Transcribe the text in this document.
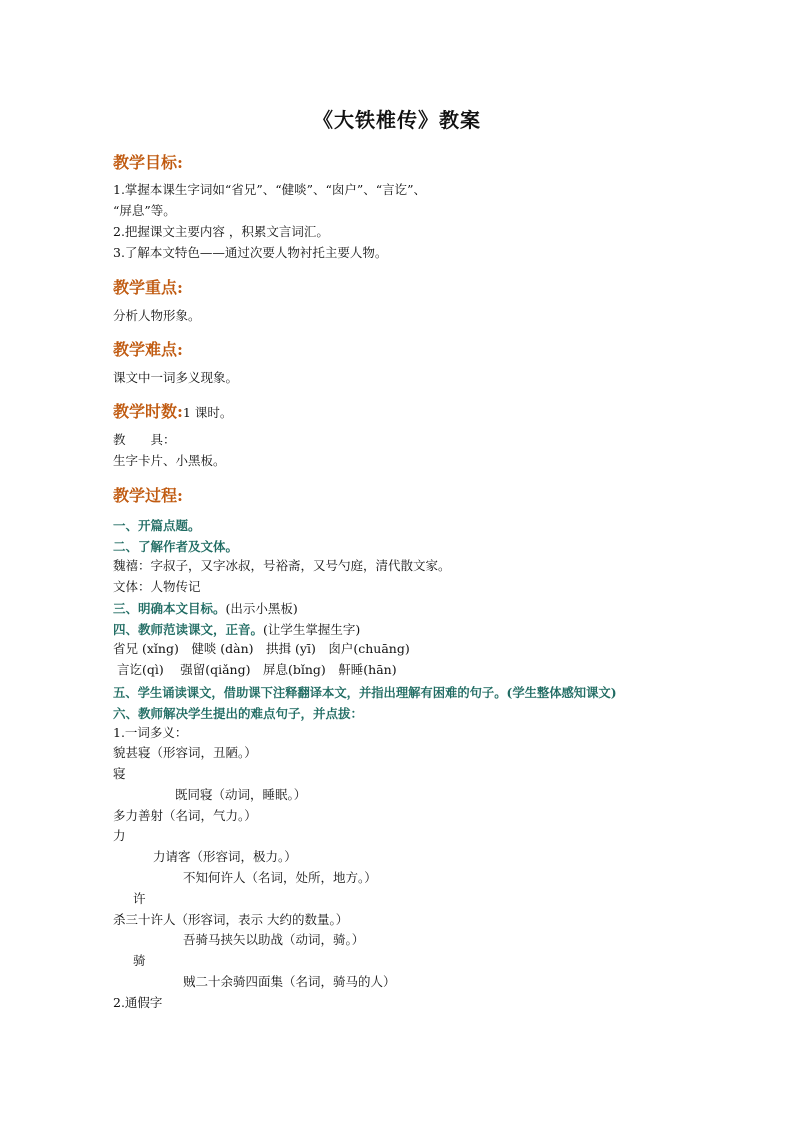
《大铁椎传》教案
教学目标:
1.掌握本课生字词如“省兄”、“健啖”、“囱户”、“言讫”、
“屏息”等。
2.把握课文主要内容 ，积累文言词汇。
3.了解本文特色——通过次要人物衬托主要人物。
教学重点:
分析人物形象。
教学难点:
课文中一词多义现象。
教学时数:1 课时。
教　　具：
生字卡片、小黑板。
教学过程:
一、开篇点题。
二、了解作者及文体。
魏禧：字叔子，又字冰叔，号裕斋，又号勺庭，清代散文家。
文体：人物传记
三、明确本文目标。(出示小黑板)
四、教师范读课文，正音。(让学生掌握生字)
省兄 (xǐng)　健啖 (dàn)　拱揖 (yī)　囱户(chuāng)
言讫(qì)　 强留(qiǎng)　屏息(bǐng)　鼾睡(hān)
五、学生诵读课文，借助课下注释翻译本文，并指出理解有困难的句子。(学生整体感知课文)
六、教师解决学生提出的难点句子，并点拔：
1.一词多义：
貌甚寝（形容词，丑陋。）
寝
既同寝（动词，睡眠。）
多力善射（名词，气力。）
力
力请客（形容词，极力。）
不知何许人（名词，处所，地方。）
许
杀三十许人（形容词，表示 大约的数量。）
吾骑马挟矢以助战（动词，骑。）
骑
贼二十余骑四面集（名词，骑马的人）
2.通假字
